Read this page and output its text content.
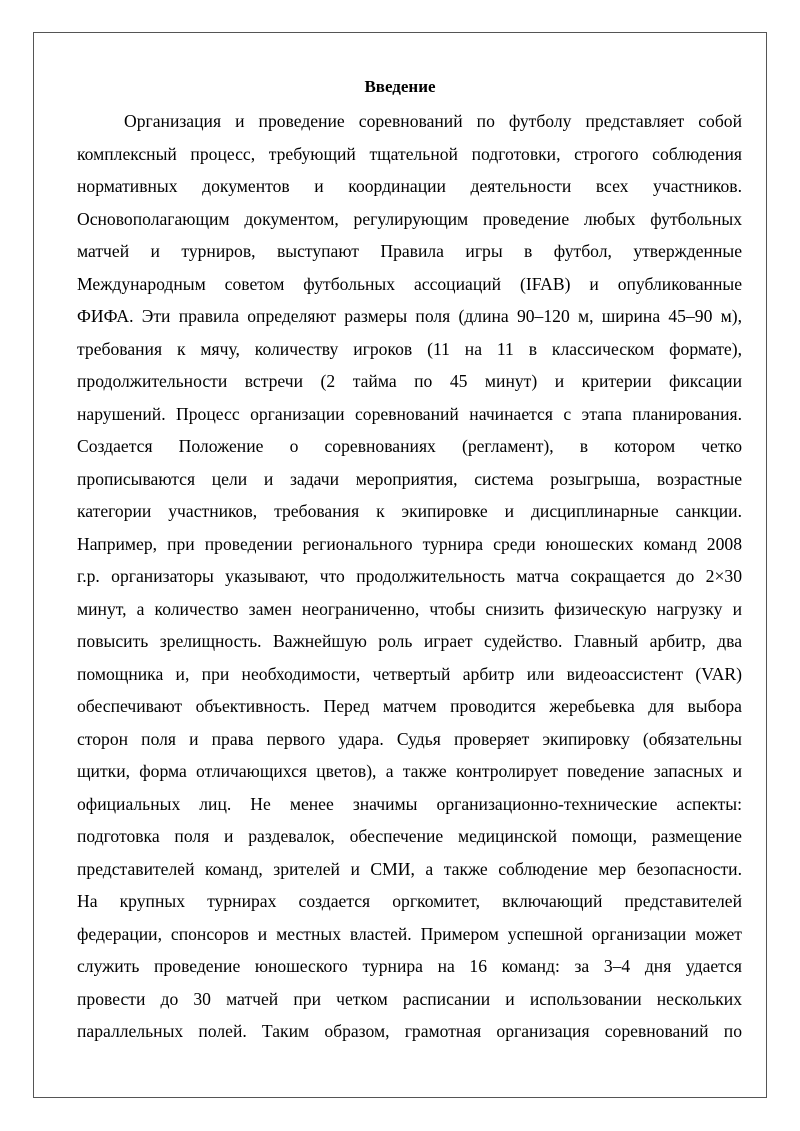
Введение
Организация и проведение соревнований по футболу представляет собой
комплексный процесс, требующий тщательной подготовки, строгого соблюдения
нормативных документов и координации деятельности всех участников.
Основополагающим документом, регулирующим проведение любых футбольных
матчей и турниров, выступают Правила игры в футбол, утвержденные
Международным советом футбольных ассоциаций (IFAB) и опубликованные
ФИФА. Эти правила определяют размеры поля (длина 90–120 м, ширина 45–90 м),
требования к мячу, количеству игроков (11 на 11 в классическом формате),
продолжительности встречи (2 тайма по 45 минут) и критерии фиксации
нарушений. Процесс организации соревнований начинается с этапа планирования.
Создается Положение о соревнованиях (регламент), в котором четко
прописываются цели и задачи мероприятия, система розыгрыша, возрастные
категории участников, требования к экипировке и дисциплинарные санкции.
Например, при проведении регионального турнира среди юношеских команд 2008
г.р. организаторы указывают, что продолжительность матча сокращается до 2×30
минут, а количество замен неограниченно, чтобы снизить физическую нагрузку и
повысить зрелищность. Важнейшую роль играет судейство. Главный арбитр, два
помощника и, при необходимости, четвертый арбитр или видеоассистент (VAR)
обеспечивают объективность. Перед матчем проводится жеребьевка для выбора
сторон поля и права первого удара. Судья проверяет экипировку (обязательны
щитки, форма отличающихся цветов), а также контролирует поведение запасных и
официальных лиц. Не менее значимы организационно-технические аспекты:
подготовка поля и раздевалок, обеспечение медицинской помощи, размещение
представителей команд, зрителей и СМИ, а также соблюдение мер безопасности.
На крупных турнирах создается оргкомитет, включающий представителей
федерации, спонсоров и местных властей. Примером успешной организации может
служить проведение юношеского турнира на 16 команд: за 3–4 дня удается
провести до 30 матчей при четком расписании и использовании нескольких
параллельных полей. Таким образом, грамотная организация соревнований по
